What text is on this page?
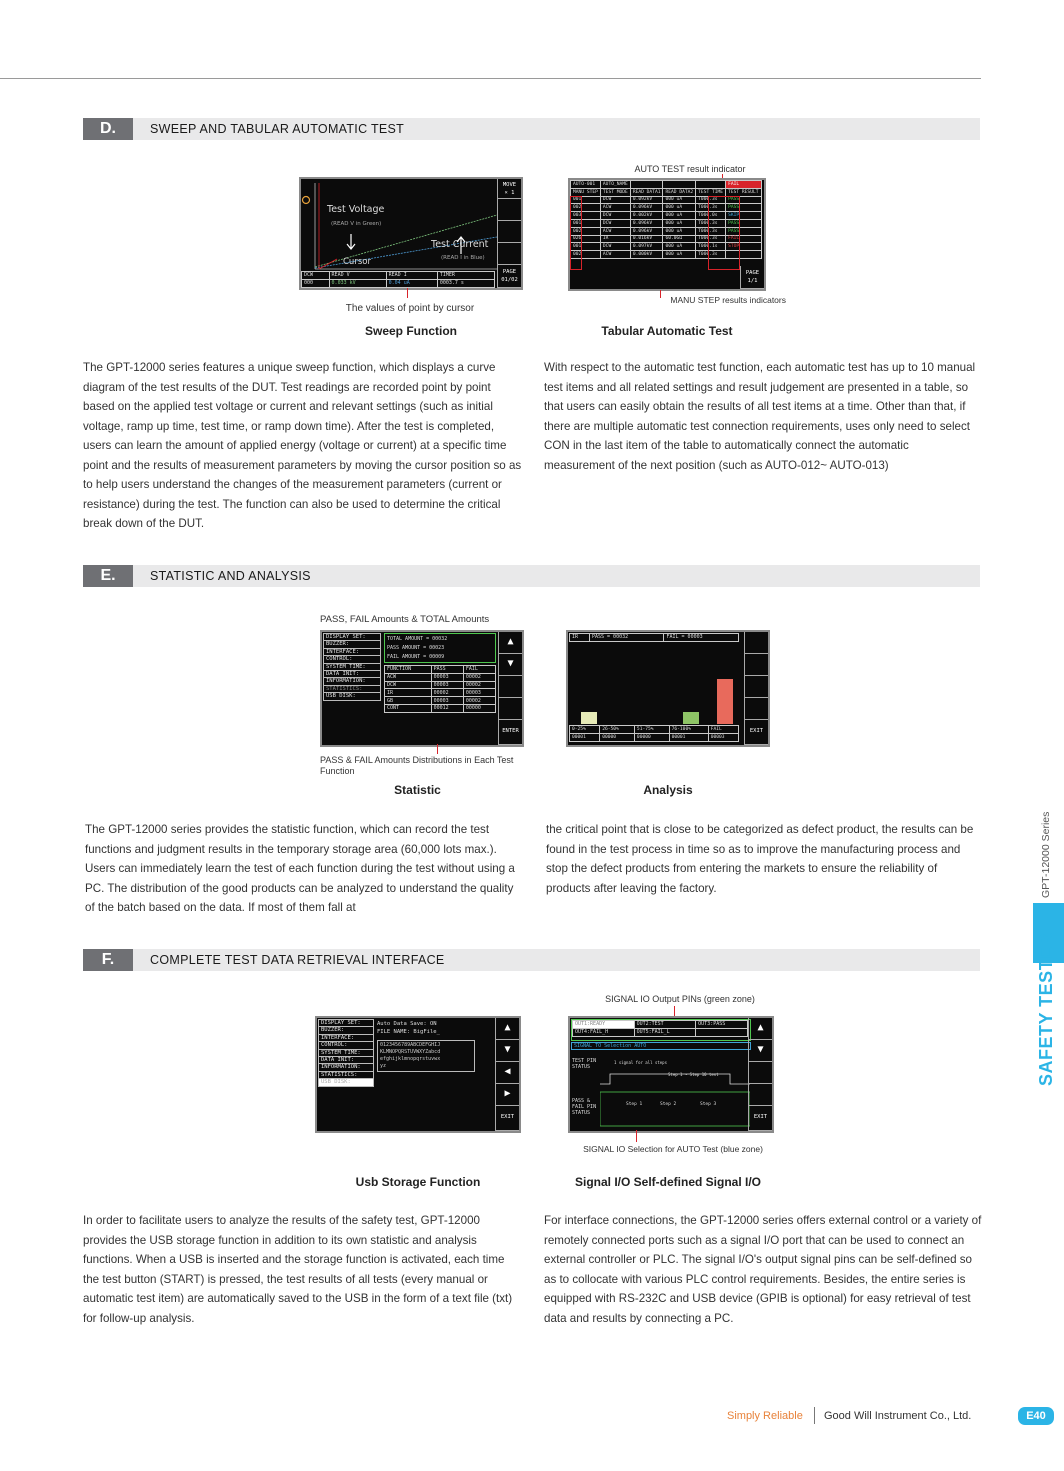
D.	SWEEP AND TABULAR AUTOMATIC TEST
Test Voltage
(READ V in Green)
Test Current
(READ I in Blue)
Cursor
MOVE
× 1
PAGE
01/02
DCW	READ V	READ I	TIMER
000	0.033 kV	0.04 uA	0003.7 s
The values of point by cursor
Sweep Function
AUTO TEST result indicator
AUTO-001	AUTO_NAME				FAIL
MANU STEP	TEST MODE	READ DATA1	READ DATA2	TEST TIME	TEST RESULT
001	DCW	0.092kV	000 uA	T000.3s	PASS
002	ACW	0.096kV	000 uA	T000.3s	PASS
003	DCW	0.002kV	000 uA	T000.0s	SKIP
001	DCW	0.096kV	000 uA	T000.3s	PASS
002	ACW	0.096kV	000 uA	T000.3s	PASS
026	IR	0.016kV	60.0GΩ	T000.3s	FAIL
001	DCW	0.097kV	000 uA	T000.1s	STOP
002	ACW	0.000kV	000 uA	T000.3s	
PAGE
1/1
MANU STEP results indicators
Tabular Automatic Test
The GPT-12000 series features a unique sweep function, which displays a curve diagram of the test results of the DUT. Test readings are recorded point by point based on the applied test voltage or current and relevant settings (such as initial voltage, ramp up time, test time, or ramp down time). After the test is completed, users can learn the amount of applied energy (voltage or current) at a specific time point and the results of measurement parameters by moving the cursor position so as to help users understand the changes of the measurement parameters (current or resistance) during the test. The function can also be used to determine the critical break down of the DUT.
With respect to the automatic test function, each automatic test has up to 10 manual test items and all related settings and result judgement are presented in a table, so that users can easily obtain the results of all test items at a time. Other than that, if there are multiple automatic test connection requirements, uses only need to select CON in the last item of the table to automatically connect the automatic measurement of the next position (such as AUTO-012~ AUTO-013)
E.	STATISTIC AND ANALYSIS
PASS, FAIL Amounts & TOTAL Amounts
DISPLAY SET:
BUZZER:
INTERFACE:
CONTROL:
SYSTEM TIME:
DATA INIT:
INFORMATION:
STATISTICS:
USB DISK:
TOTAL AMOUNT = 00032
PASS AMOUNT = 00023
FAIL AMOUNT = 00009
FUNCTION	PASS	FAIL
ACW	00003	00002
DCW	00003	00002
IR	00002	00003
GB	00003	00002
CONT	00012	00000
▲
▼
ENTER
PASS & FAIL Amounts Distributions in Each Test Function
Statistic
IR	PASS = 00032	FAIL = 00003
0-25%	26-50%	51-75%	76-100%	FAIL
00001	00000	00000	00001	00003
EXIT
Analysis
The GPT-12000 series provides the statistic function, which can record the test functions and judgment results in the temporary storage area (60,000 lots max.). Users can immediately learn the test of each function during the test without using a PC. The distribution of the good products can be analyzed to understand the quality of the batch based on the data. If most of them fall at
the critical point that is close to be categorized as defect product, the results can be found in the test process in time so as to improve the manufacturing process and stop the defect products from entering the markets to ensure the reliability of products after leaving the factory.
F.	COMPLETE TEST DATA RETRIEVAL INTERFACE
DISPLAY SET:
BUZZER:
INTERFACE:
CONTROL:
SYSTEM TIME:
DATA INIT:
INFORMATION:
STATISTICS:
USB DISK:
Auto Data Save: ON
FILE NAME: BigFile_
0123456789ABCDEFGHIJ
KLMNOPQRSTUVWXYZabcd
efghijklmnopqrstuvwx
yz
▲
▼
◀
▶
EXIT
Usb Storage Function
SIGNAL IO Output PINs (green zone)
OUT1:READY	OUT2:TEST	OUT3:PASS
OUT4:FAIL_H	OUT5:FAIL_L	
SIGNAL TO Selection AUTO
TEST PIN STATUS
1 signal for all steps
Step 1 ~ Step 10 test
PASS & FAIL PIN STATUS
Step 1	Step 2	Step 3
▲
▼
EXIT
SIGNAL IO Selection for AUTO Test (blue zone)
Signal I/O Self-defined Signal I/O
In order to facilitate users to analyze the results of the safety test, GPT-12000 provides the USB storage function in addition to its own statistic and analysis functions. When a USB is inserted and the storage function is activated, each time the test button (START) is pressed, the test results of all tests (every manual or automatic test item) are automatically saved to the USB in the form of a text file (txt) for follow-up analysis.
For interface connections, the GPT-12000 series offers external control or a variety of remotely connected ports such as a signal I/O port that can be used to connect an external controller or PLC. The signal I/O's output signal pins can be self-defined so as to collocate with various PLC control requirements. Besides, the entire series is equipped with RS-232C and USB device (GPIB is optional) for easy retrieval of test data and results by connecting a PC.
GPT-12000 Series
SAFETY TESTER
Simply Reliable Good Will Instrument Co., Ltd.	E40
